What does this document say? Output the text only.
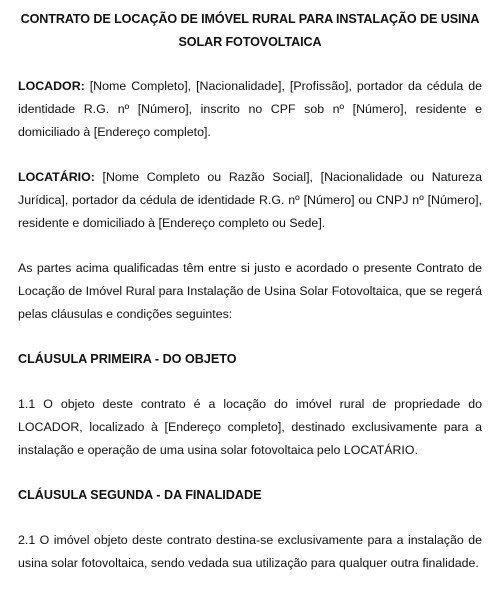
CONTRATO DE LOCAÇÃO DE IMÓVEL RURAL PARA INSTALAÇÃO DE USINA SOLAR FOTOVOLTAICA

LOCADOR: [Nome Completo], [Nacionalidade], [Profissão], portador da cédula de identidade R.G. nº [Número], inscrito no CPF sob nº [Número], residente e domiciliado à [Endereço completo].

LOCATÁRIO: [Nome Completo ou Razão Social], [Nacionalidade ou Natureza Jurídica], portador da cédula de identidade R.G. nº [Número] ou CNPJ nº [Número], residente e domiciliado à [Endereço completo ou Sede].

As partes acima qualificadas têm entre si justo e acordado o presente Contrato de Locação de Imóvel Rural para Instalação de Usina Solar Fotovoltaica, que se regerá pelas cláusulas e condições seguintes:

CLÁUSULA PRIMEIRA - DO OBJETO

1.1 O objeto deste contrato é a locação do imóvel rural de propriedade do LOCADOR, localizado à [Endereço completo], destinado exclusivamente para a instalação e operação de uma usina solar fotovoltaica pelo LOCATÁRIO.

CLÁUSULA SEGUNDA - DA FINALIDADE

2.1 O imóvel objeto deste contrato destina-se exclusivamente para a instalação de usina solar fotovoltaica, sendo vedada sua utilização para qualquer outra finalidade.
